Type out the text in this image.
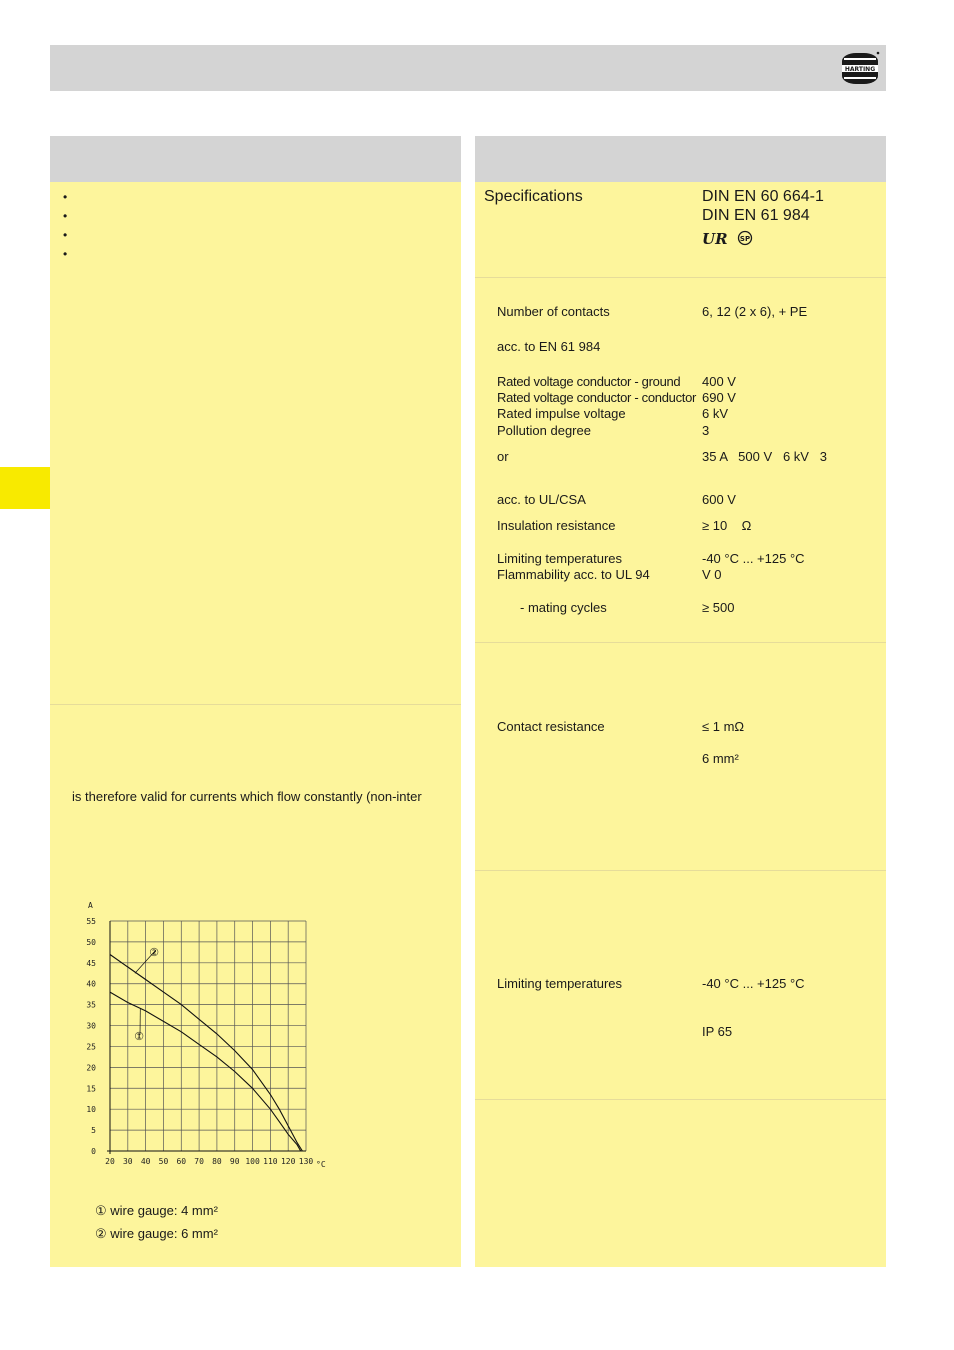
HARTING
•
•
•
•
is therefore valid for currents which flow constantly (non-inter
20 30 40 50 60 70 80 90 100 110 120 130
0
5
10
15
20
25
30
35
40
45
50
55
A
°C
①
②
① wire gauge: 4 mm²
② wire gauge: 6 mm²
Specifications	DIN EN 60 664-1
DIN EN 61 984
UR SP
Number of contacts	6, 12 (2 x 6), + PE
acc. to EN 61 984
Rated voltage conductor - ground 400 V
Rated voltage conductor - conductor 690 V
Rated impulse voltage	6 kV
Pollution degree	3
or	35 A   500 V   6 kV   3
acc. to UL/CSA	600 V
Insulation resistance	≥ 10    Ω
Limiting temperatures	-40 °C ... +125 °C
Flammability acc. to UL 94	V 0
- mating cycles	≥ 500
Contact resistance	≤ 1 mΩ
6 mm²
Limiting temperatures	-40 °C ... +125 °C
IP 65
